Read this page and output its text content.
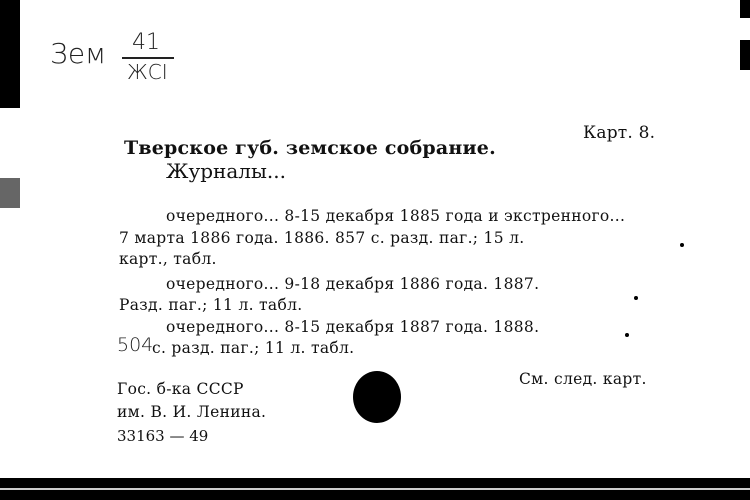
Зем 41
ЖСI
Карт. 8.
Тверское губ. земское собрание.
Журналы...
очередного... 8-15 декабря 1885 года и экстренного...
7 марта 1886 года. 1886. 857 с. разд. паг.; 15 л.
карт., табл.
очередного... 9-18 декабря 1886 года. 1887.
Разд. паг.; 11 л. табл.
очередного... 8-15 декабря 1887 года. 1888.
504
с. разд. паг.; 11 л. табл.
Гос. б-ка СССР
им. В. И. Ленина.
33163 — 49
См. след. карт.
